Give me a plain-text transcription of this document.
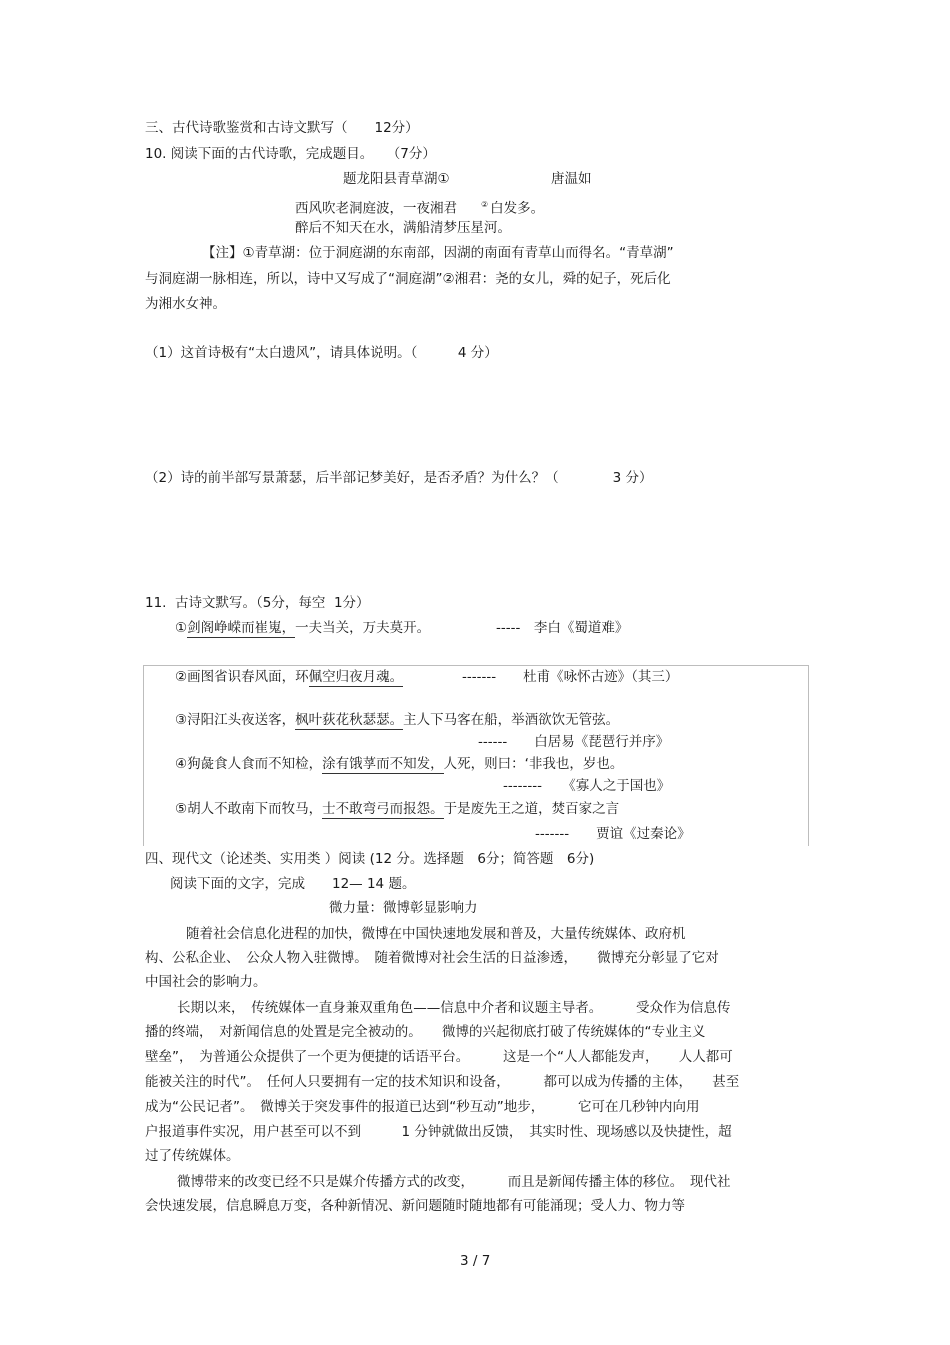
三、古代诗歌鉴赏和古诗文默写（　　12分）
10. 阅读下面的古代诗歌，完成题目。　　（7分）
题龙阳县青草湖①	唐温如
西风吹老洞庭波，一夜湘君	② 白发多。
醉后不知天在水，满船清梦压星河。
【注】①青草湖：位于洞庭湖的东南部，因湖的南面有青草山而得名。“青草湖”
与洞庭湖一脉相连，所以，诗中又写成了“洞庭湖”②湘君：尧的女儿，舜的妃子，死后化
为湘水女神。
（1）这首诗极有“太白遗风”，请具体说明。（　　　4 分）
（2）诗的前半部写景萧瑟，后半部记梦美好，是否矛盾？为什么？（　　　　3 分）
11.  古诗文默写。（5分，每空  1分）
①剑阁峥嵘而崔嵬，一夫当关，万夫莫开。	-----　李白《蜀道难》
②画图省识春风面，环佩空归夜月魂。	-------　　杜甫《咏怀古迹》（其三）
③浔阳江头夜送客，枫叶荻花秋瑟瑟。主人下马客在船，举酒欲饮无管弦。
------　　白居易《琵琶行并序》
④狗彘食人食而不知检，涂有饿莩而不知发，人死，则曰：‘非我也，岁也。
--------　　《寡人之于国也》
⑤胡人不敢南下而牧马，士不敢弯弓而报怨。于是废先王之道，焚百家之言
-------　　贾谊《过秦论》
四、现代文（论述类、实用类 ）阅读 (12 分。选择题　6分；简答题　6分)
阅读下面的文字，完成　　12— 14 题。
微力量：微博彰显影响力
随着社会信息化进程的加快，微博在中国快速地发展和普及，大量传统媒体、政府机
构、公私企业、　公众人物入驻微博。　随着微博对社会生活的日益渗透，　　微博充分彰显了它对
中国社会的影响力。
长期以来，　传统媒体一直身兼双重角色——信息中介者和议题主导者。　　　受众作为信息传
播的终端，　对新闻信息的处置是完全被动的。　　微博的兴起彻底打破了传统媒体的“专业主义
壁垒”，　为普通公众提供了一个更为便捷的话语平台。　　　这是一个“人人都能发声，　　人人都可
能被关注的时代”。　任何人只要拥有一定的技术知识和设备，　　　都可以成为传播的主体，　　甚至
成为“公民记者”。　微博关于突发事件的报道已达到“秒互动”地步，　　　它可在几秒钟内向用
户报道事件实况，用户甚至可以不到　　　1 分钟就做出反馈，　其实时性、现场感以及快捷性，超
过了传统媒体。
微博带来的改变已经不只是媒介传播方式的改变，　　　而且是新闻传播主体的移位。　现代社
会快速发展，信息瞬息万变，各种新情况、新问题随时随地都有可能涌现；受人力、物力等
3 / 7
